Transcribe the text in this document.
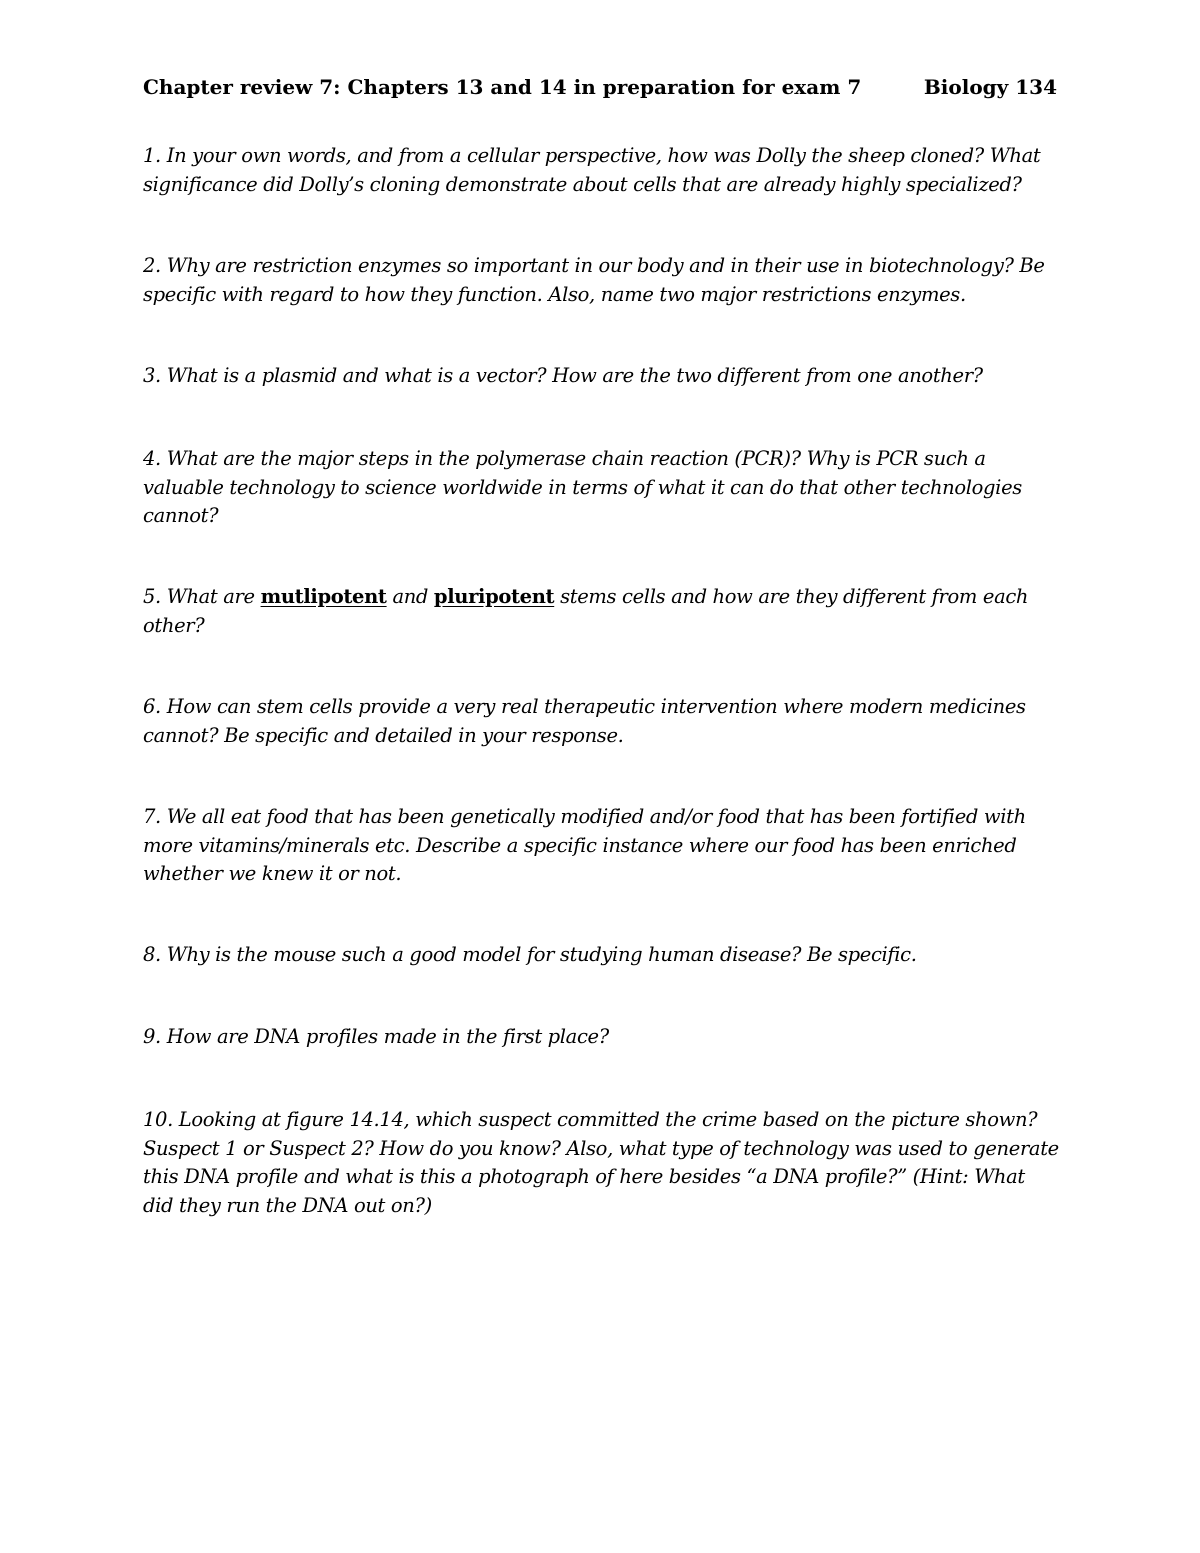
Chapter review 7: Chapters 13 and 14 in preparation for exam 7	Biology 134
1. In your own words, and from a cellular perspective, how was Dolly the sheep cloned? What
significance did Dolly’s cloning demonstrate about cells that are already highly specialized?
2. Why are restriction enzymes so important in our body and in their use in biotechnology? Be
specific with regard to how they function. Also, name two major restrictions enzymes.
3. What is a plasmid and what is a vector? How are the two different from one another?
4. What are the major steps in the polymerase chain reaction (PCR)? Why is PCR such a
valuable technology to science worldwide in terms of what it can do that other technologies
cannot?
5. What are mutlipotent and pluripotent stems cells and how are they different from each
other?
6. How can stem cells provide a very real therapeutic intervention where modern medicines
cannot? Be specific and detailed in your response.
7. We all eat food that has been genetically modified and/or food that has been fortified with
more vitamins/minerals etc. Describe a specific instance where our food has been enriched
whether we knew it or not.
8. Why is the mouse such a good model for studying human disease? Be specific.
9. How are DNA profiles made in the first place?
10. Looking at figure 14.14, which suspect committed the crime based on the picture shown?
Suspect 1 or Suspect 2? How do you know? Also, what type of technology was used to generate
this DNA profile and what is this a photograph of here besides “a DNA profile?” (Hint: What
did they run the DNA out on?)
